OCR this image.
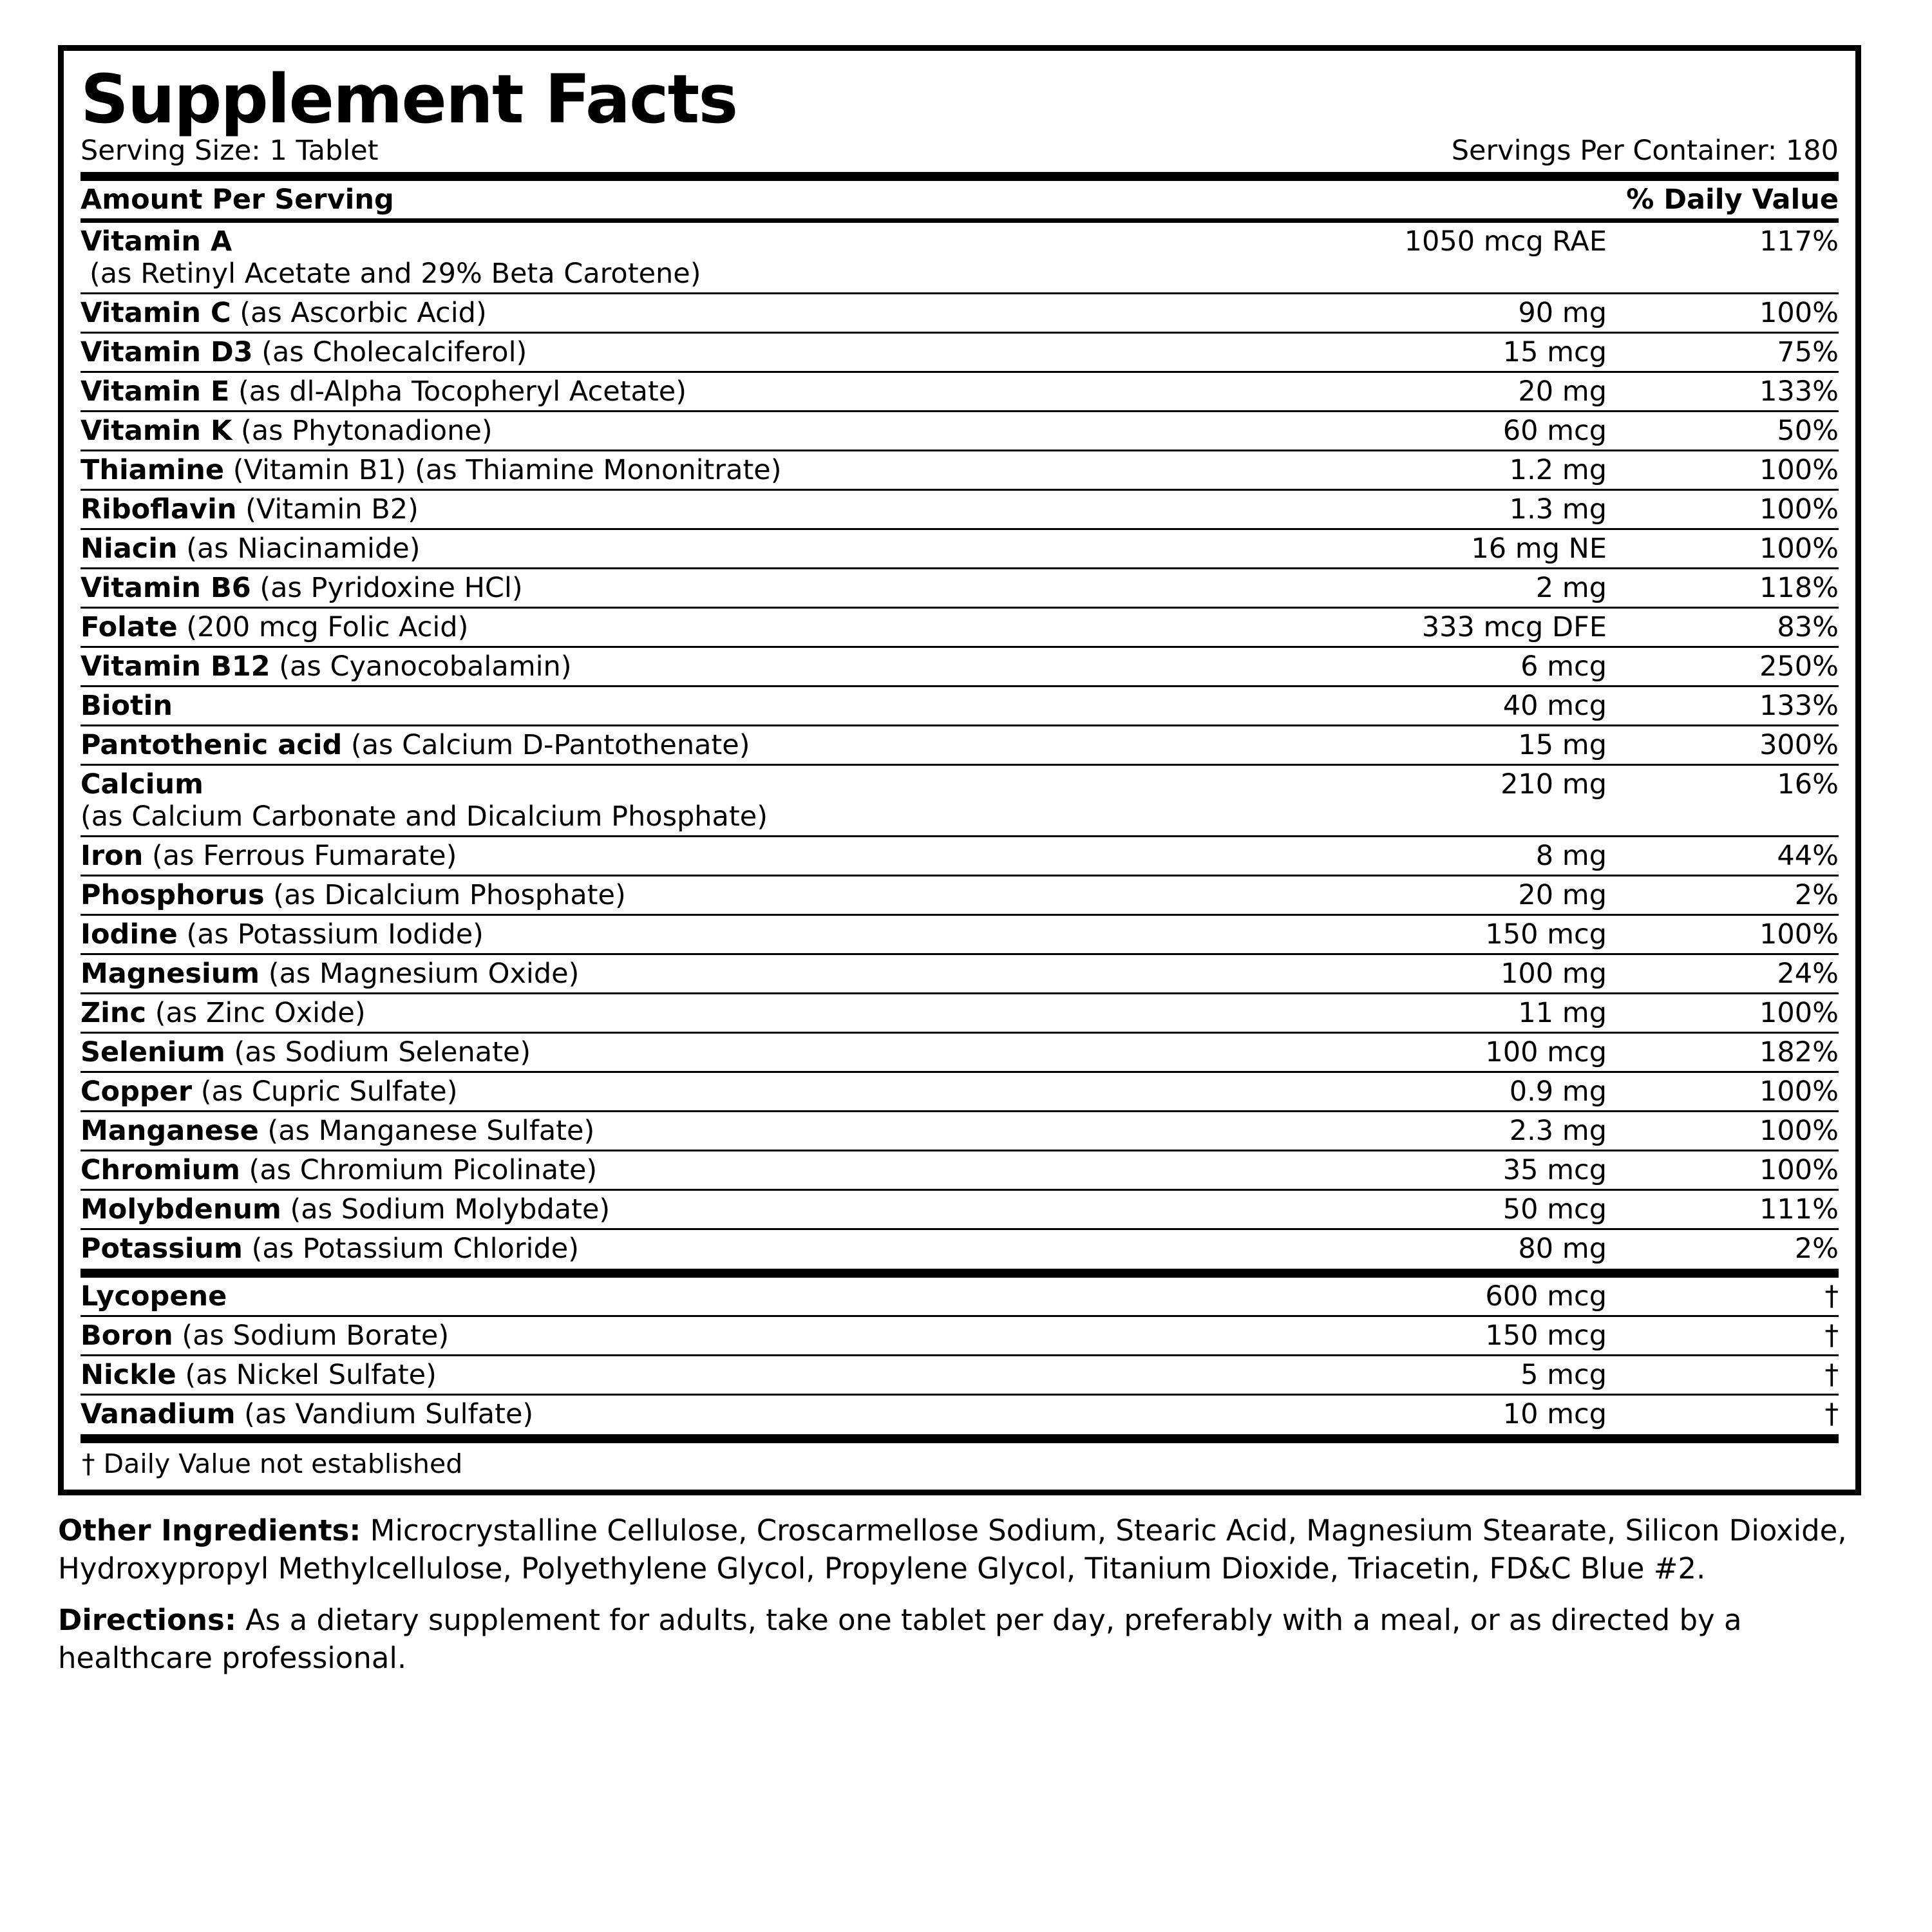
Supplement Facts
Serving Size: 1 Tablet	Servings Per Container: 180
Amount Per Serving	% Daily Value
Vitamin A
(as Retinyl Acetate and 29% Beta Carotene)	1050 mcg RAE	117%
Vitamin C (as Ascorbic Acid)	90 mg	100%
Vitamin D3 (as Cholecalciferol)	15 mcg	75%
Vitamin E (as dl-Alpha Tocopheryl Acetate)	20 mg	133%
Vitamin K (as Phytonadione)	60 mcg	50%
Thiamine (Vitamin B1) (as Thiamine Mononitrate)	1.2 mg	100%
Riboflavin (Vitamin B2)	1.3 mg	100%
Niacin (as Niacinamide)	16 mg NE	100%
Vitamin B6 (as Pyridoxine HCl)	2 mg	118%
Folate (200 mcg Folic Acid)	333 mcg DFE	83%
Vitamin B12 (as Cyanocobalamin)	6 mcg	250%
Biotin	40 mcg	133%
Pantothenic acid (as Calcium D-Pantothenate)	15 mg	300%
Calcium
(as Calcium Carbonate and Dicalcium Phosphate)	210 mg	16%
Iron (as Ferrous Fumarate)	8 mg	44%
Phosphorus (as Dicalcium Phosphate)	20 mg	2%
Iodine (as Potassium Iodide)	150 mcg	100%
Magnesium (as Magnesium Oxide)	100 mg	24%
Zinc (as Zinc Oxide)	11 mg	100%
Selenium (as Sodium Selenate)	100 mcg	182%
Copper (as Cupric Sulfate)	0.9 mg	100%
Manganese (as Manganese Sulfate)	2.3 mg	100%
Chromium (as Chromium Picolinate)	35 mcg	100%
Molybdenum (as Sodium Molybdate)	50 mcg	111%
Potassium (as Potassium Chloride)	80 mg	2%
Lycopene	600 mcg	†
Boron (as Sodium Borate)	150 mcg	†
Nickle (as Nickel Sulfate)	5 mcg	†
Vanadium (as Vandium Sulfate)	10 mcg	†
† Daily Value not established

Other Ingredients: Microcrystalline Cellulose, Croscarmellose Sodium, Stearic Acid, Magnesium Stearate, Silicon Dioxide, Hydroxypropyl Methylcellulose, Polyethylene Glycol, Propylene Glycol, Titanium Dioxide, Triacetin, FD&C Blue #2.

Directions: As a dietary supplement for adults, take one tablet per day, preferably with a meal, or as directed by a healthcare professional.
